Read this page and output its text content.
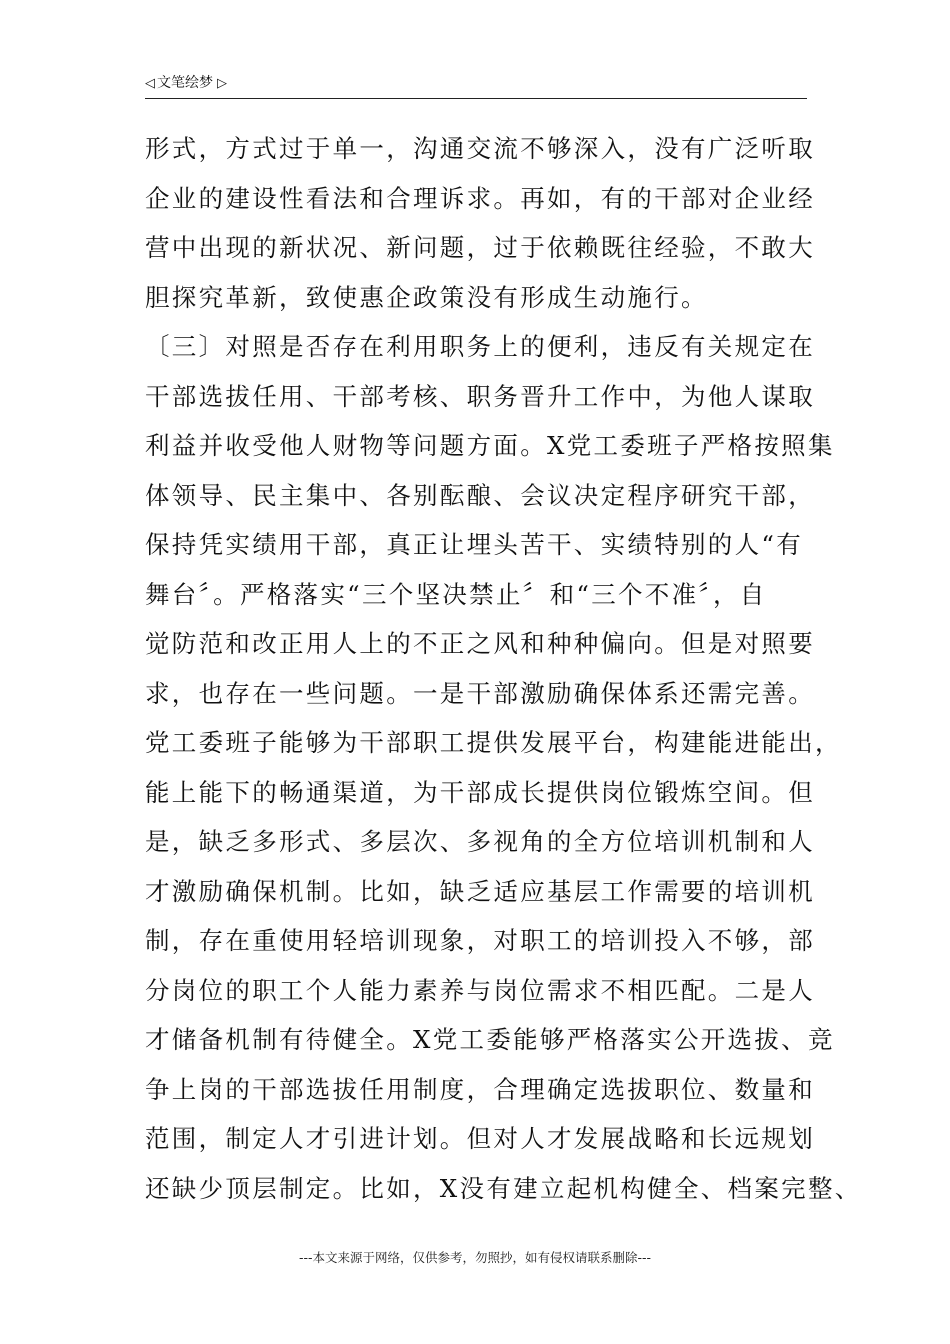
◁ 文笔绘梦 ▷
形式，方式过于单一，沟通交流不够深入，没有广泛听取
企业的建设性看法和合理诉求。再如，有的干部对企业经
营中出现的新状况、新问题，过于依赖既往经验，不敢大
胆探究革新，致使惠企政策没有形成生动施行。
〔三〕对照是否存在利用职务上的便利，违反有关规定在
干部选拔任用、干部考核、职务晋升工作中，为他人谋取
利益并收受他人财物等问题方面。X党工委班子严格按照集
体领导、民主集中、各别酝酿、会议决定程序研究干部，
保持凭实绩用干部，真正让埋头苦干、实绩特别的人“有
舞台〞。严格落实“三个坚决禁止〞和“三个不准〞，自
觉防范和改正用人上的不正之风和种种偏向。但是对照要
求，也存在一些问题。一是干部激励确保体系还需完善。
党工委班子能够为干部职工提供发展平台，构建能进能出，
能上能下的畅通渠道，为干部成长提供岗位锻炼空间。但
是，缺乏多形式、多层次、多视角的全方位培训机制和人
才激励确保机制。比如，缺乏适应基层工作需要的培训机
制，存在重使用轻培训现象，对职工的培训投入不够，部
分岗位的职工个人能力素养与岗位需求不相匹配。二是人
才储备机制有待健全。X党工委能够严格落实公开选拔、竞
争上岗的干部选拔任用制度，合理确定选拔职位、数量和
范围，制定人才引进计划。但对人才发展战略和长远规划
还缺少顶层制定。比如，X没有建立起机构健全、档案完整、
---本文来源于网络，仅供参考，勿照抄，如有侵权请联系删除---
